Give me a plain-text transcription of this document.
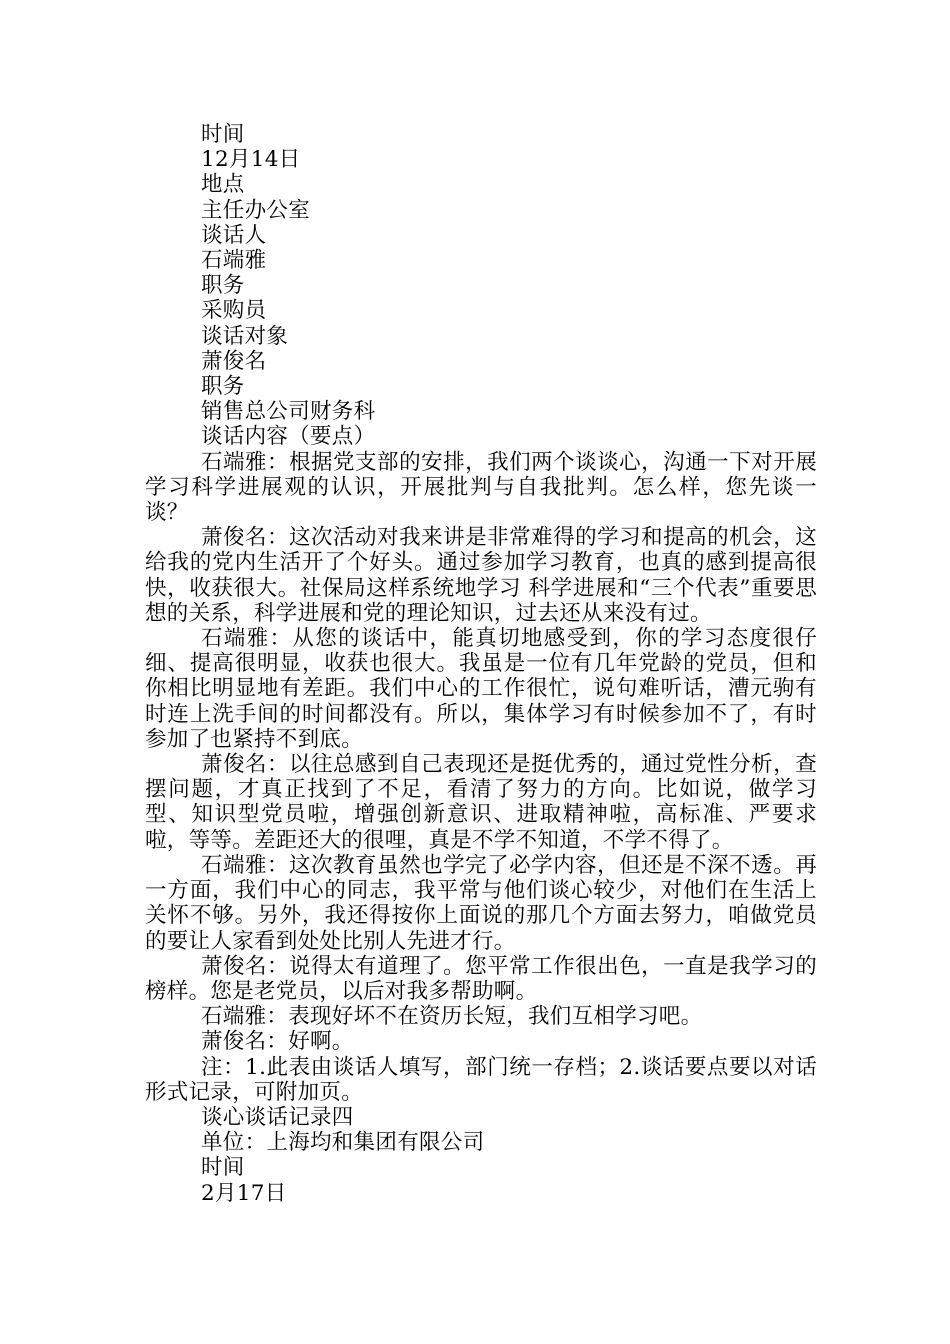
时间

12月14日

地点

主任办公室

谈话人

石端雅

职务

采购员

谈话对象

萧俊名

职务

销售总公司财务科

谈话内容（要点）

石端雅：根据党支部的安排，我们两个谈谈心，沟通一下对开展学习科学进展观的认识，开展批判与自我批判。怎么样，您先谈一谈？

萧俊名：这次活动对我来讲是非常难得的学习和提高的机会，这给我的党内生活开了个好头。通过参加学习教育，也真的感到提高很快，收获很大。社保局这样系统地学习 科学进展和“三个代表”重要思想的关系，科学进展和党的理论知识，过去还从来没有过。

石端雅：从您的谈话中，能真切地感受到，你的学习态度很仔细、提高很明显，收获也很大。我虽是一位有几年党龄的党员，但和你相比明显地有差距。我们中心的工作很忙，说句难听话，漕元驹有时连上洗手间的时间都没有。所以，集体学习有时候参加不了，有时参加了也紧持不到底。

萧俊名：以往总感到自己表现还是挺优秀的，通过党性分析，查摆问题，才真正找到了不足，看清了努力的方向。比如说，做学习型、知识型党员啦，增强创新意识、进取精神啦，高标准、严要求啦，等等。差距还大的很哩，真是不学不知道，不学不得了。

石端雅：这次教育虽然也学完了必学内容，但还是不深不透。再一方面，我们中心的同志，我平常与他们谈心较少，对他们在生活上关怀不够。另外，我还得按你上面说的那几个方面去努力，咱做党员的要让人家看到处处比别人先进才行。

萧俊名：说得太有道理了。您平常工作很出色，一直是我学习的榜样。您是老党员，以后对我多帮助啊。

石端雅：表现好坏不在资历长短，我们互相学习吧。

萧俊名：好啊。

注：1.此表由谈话人填写，部门统一存档；2.谈话要点要以对话形式记录，可附加页。

谈心谈话记录四

单位：上海均和集团有限公司

时间

2月17日
